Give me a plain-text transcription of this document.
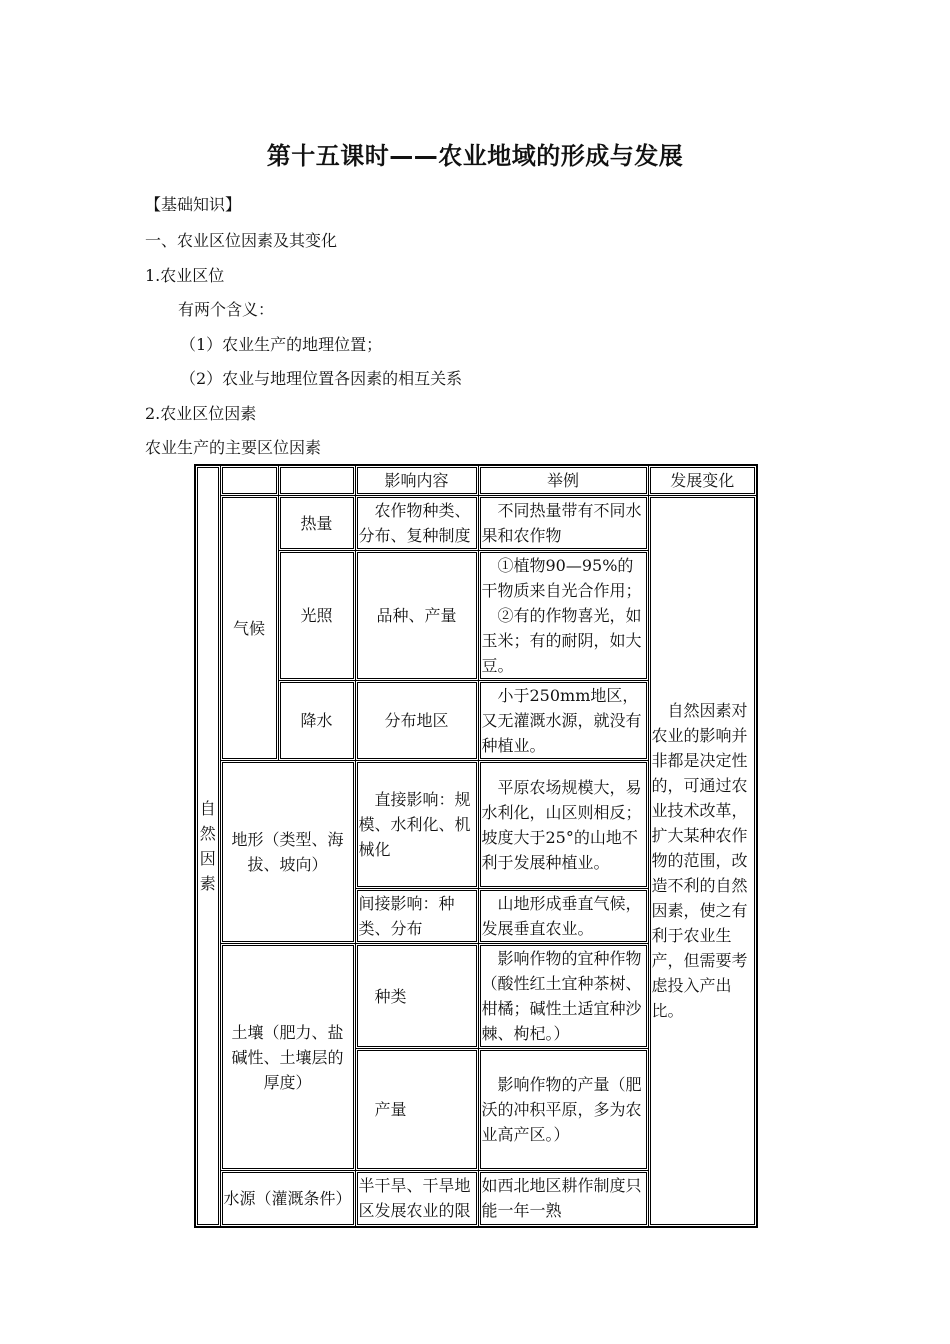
第十五课时——农业地域的形成与发展
【基础知识】
一、农业区位因素及其变化
1.农业区位
有两个含义：
（1）农业生产的地理位置；
（2）农业与地理位置各因素的相互关系
2.农业区位因素
农业生产的主要区位因素
自然因素			影响内容	举例	发展变化
	气候	热量	农作物种类、分布、复种制度	不同热量带有不同水果和农作物	自然因素对农业的影响并非都是决定性的，可通过农业技术改革，扩大某种农作物的范围，改造不利的自然因素，使之有利于农业生产，但需要考虑投入产出比。

		光照	品种、产量	①植物90—95%的干物质来自光合作用；
②有的作物喜光，如玉米；有的耐阴，如大豆。	

		降水	分布地区	小于250mm地区，又无灌溉水源，就没有种植业。	

	地形（类型、海拔、坡向）		直接影响：规模、水利化、机械化	平原农场规模大，易水利化，山区则相反；坡度大于25°的山地不利于发展种植业。	

			间接影响：种类、分布	山地形成垂直气候，发展垂直农业。	

	土壤（肥力、盐碱性、土壤层的厚度）		种类	影响作物的宜种作物（酸性红土宜种茶树、柑橘；碱性土适宜种沙棘、枸杞。）	

			产量	影响作物的产量（肥沃的冲积平原，多为农业高产区。）	

	水源（灌溉条件）		半干旱、干旱地区发展农业的限	如西北地区耕作制度只能一年一熟	
